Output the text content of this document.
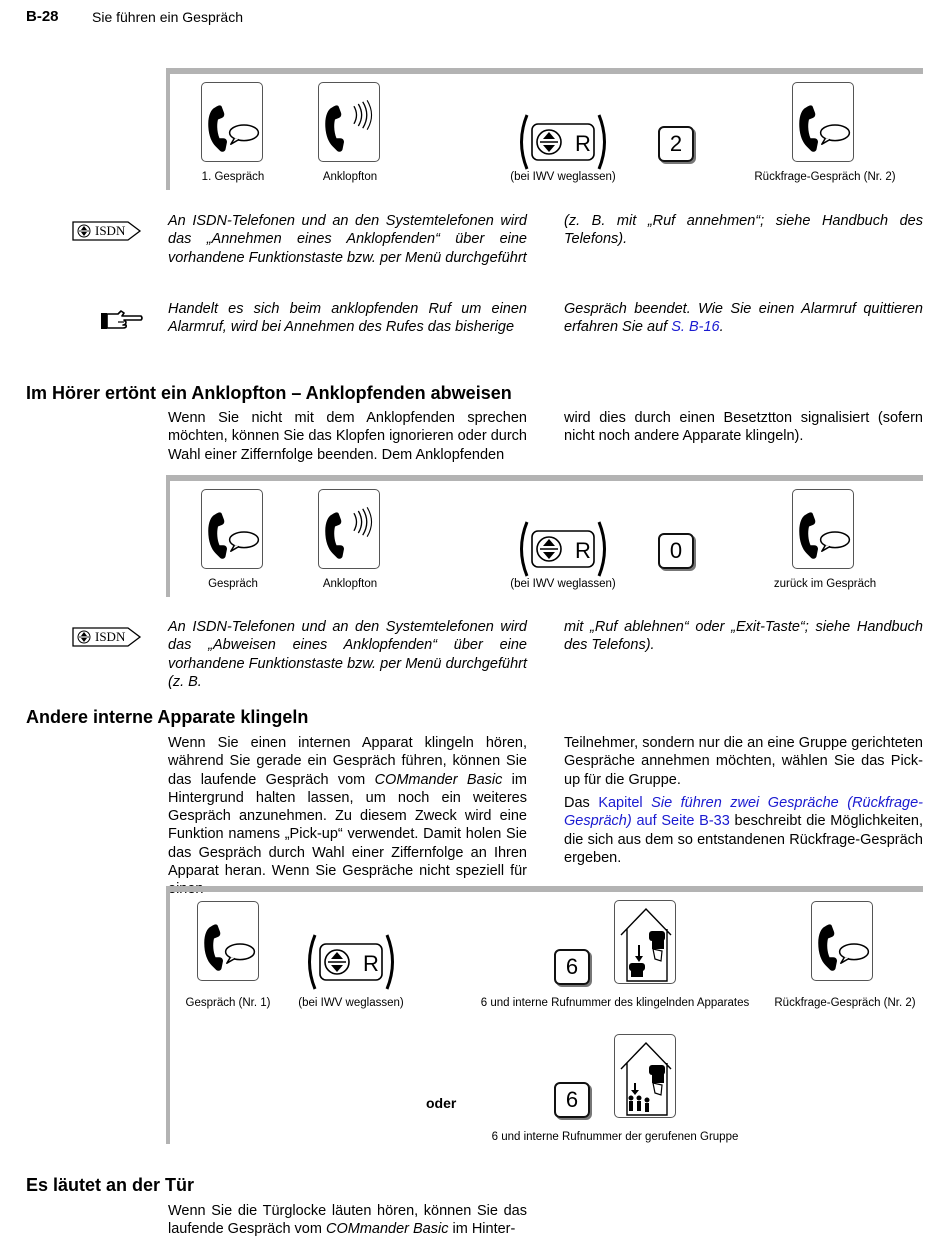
B-28 Sie führen ein Gespräch
R	2
1. Gespräch	Anklopfton	(bei IWV weglassen)	Rückfrage-Gespräch (Nr. 2)
ISDN
An ISDN-Telefonen und an den Systemtelefonen wird das „Annehmen eines Anklopfenden“ über eine vorhandene Funktionstaste bzw. per Menü durchgeführt
(z. B. mit „Ruf annehmen“; siehe Handbuch des Telefons).
Handelt es sich beim anklopfenden Ruf um einen Alarmruf, wird bei Annehmen des Rufes das bisherige
Gespräch beendet. Wie Sie einen Alarmruf quittieren erfahren Sie auf S. B-16.
Im Hörer ertönt ein Anklopfton – Anklopfenden abweisen
Wenn Sie nicht mit dem Anklopfenden sprechen möchten, können Sie das Klopfen ignorieren oder durch Wahl einer Ziffernfolge beenden. Dem Anklopfenden
wird dies durch einen Besetztton signalisiert (sofern nicht noch andere Apparate klingeln).
R	0
Gespräch	Anklopfton	(bei IWV weglassen)	zurück im Gespräch
ISDN
An ISDN-Telefonen und an den Systemtelefonen wird das „Abweisen eines Anklopfenden“ über eine vorhandene Funktionstaste bzw. per Menü durchgeführt (z. B.
mit „Ruf ablehnen“ oder „Exit-Taste“; siehe Handbuch des Telefons).
Andere interne Apparate klingeln
Wenn Sie einen internen Apparat klingeln hören, während Sie gerade ein Gespräch führen, können Sie das laufende Gespräch vom COMmander Basic im Hintergrund halten lassen, um noch ein weiteres Gespräch anzunehmen. Zu diesem Zweck wird eine Funktion namens „Pick-up“ verwendet. Damit holen Sie das Gespräch durch Wahl einer Ziffernfolge an Ihren Apparat heran. Wenn Sie Gespräche nicht speziell für einen
Teilnehmer, sondern nur die an eine Gruppe gerichteten Gespräche annehmen möchten, wählen Sie das Pick-up für die Gruppe.
Das Kapitel Sie führen zwei Gespräche (Rückfrage-Gespräch) auf Seite B-33 beschreibt die Möglichkeiten, die sich aus dem so entstandenen Rückfrage-Gespräch ergeben.
R	6
Gespräch (Nr. 1)	(bei IWV weglassen)	6 und interne Rufnummer des klingelnden Apparates	Rückfrage-Gespräch (Nr. 2)
oder	6
6 und interne Rufnummer der gerufenen Gruppe
Es läutet an der Tür
Wenn Sie die Türglocke läuten hören, können Sie das laufende Gespräch vom COMmander Basic im Hinter-
